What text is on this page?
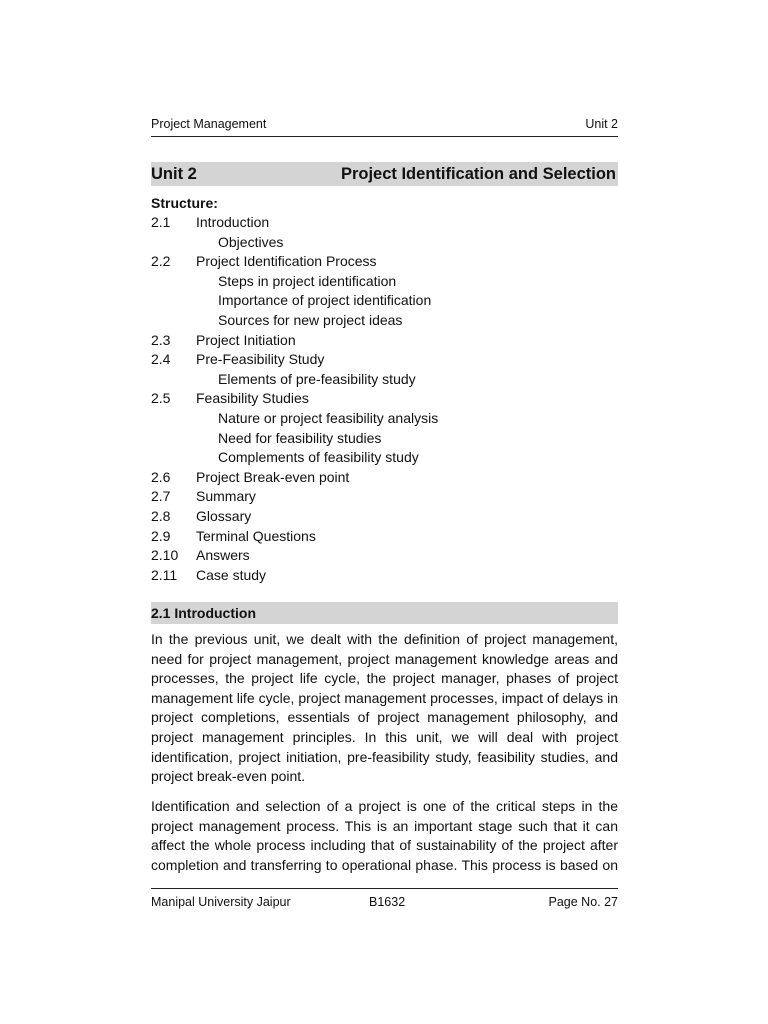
Project Management	Unit 2
Unit 2	Project Identification and Selection
Structure:
2.1 Introduction
Objectives
2.2 Project Identification Process
Steps in project identification
Importance of project identification
Sources for new project ideas
2.3 Project Initiation
2.4 Pre-Feasibility Study
Elements of pre-feasibility study
2.5 Feasibility Studies
Nature or project feasibility analysis
Need for feasibility studies
Complements of feasibility study
2.6 Project Break-even point
2.7 Summary
2.8 Glossary
2.9 Terminal Questions
2.10 Answers
2.11 Case study
2.1 Introduction
In the previous unit, we dealt with the definition of project management,
need for project management, project management knowledge areas and
processes, the project life cycle, the project manager, phases of project
management life cycle, project management processes, impact of delays in
project completions, essentials of project management philosophy, and
project management principles. In this unit, we will deal with project
identification, project initiation, pre-feasibility study, feasibility studies, and
project break-even point.
Identification and selection of a project is one of the critical steps in the
project management process. This is an important stage such that it can
affect the whole process including that of sustainability of the project after
completion and transferring to operational phase. This process is based on
Manipal University Jaipur	B1632	Page No. 27
